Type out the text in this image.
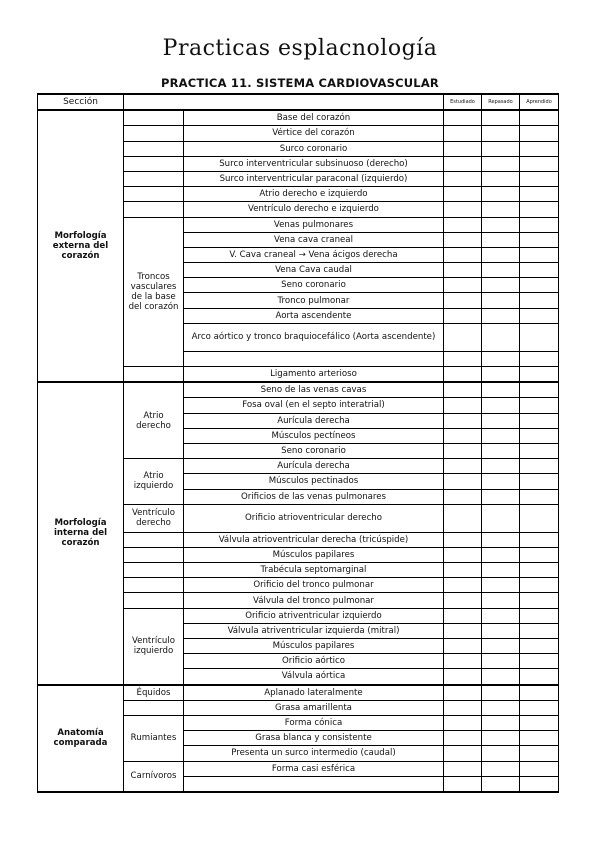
Practicas esplacnología
PRACTICA 11. SISTEMA CARDIOVASCULAR
Sección			Estudiado	Repasado	Aprendido
Morfología externa del corazón		Base del corazón			
		Vértice del corazón			
		Surco coronario			
		Surco interventricular subsinuoso (derecho)			
		Surco interventricular paraconal (izquierdo)			
		Atrio derecho e izquierdo			
		Ventrículo derecho e izquierdo			
	Troncos vasculares de la base del corazón	Venas pulmonares			
		Vena cava craneal			
		V. Cava craneal → Vena ácigos derecha			
		Vena Cava caudal			
		Seno coronario			
		Tronco pulmonar			
		Aorta ascendente			
		Arco aórtico y tronco braquiocefálico (Aorta ascendente)			

		Ligamento arterioso			
Morfología interna del corazón	Atrio derecho	Seno de las venas cavas			
		Fosa oval (en el septo interatrial)			
		Aurícula derecha			
		Músculos pectíneos			
		Seno coronario			
	Atrio izquierdo	Aurícula derecha			
		Músculos pectinados			
		Orificios de las venas pulmonares			
	Ventrículo derecho	Orificio atrioventricular derecho			
		Válvula atrioventricular derecha (tricúspide)			
		Músculos papilares			
		Trabécula septomarginal			
		Orificio del tronco pulmonar			
		Válvula del tronco pulmonar			
	Ventrículo izquierdo	Orificio atriventricular izquierdo			
		Válvula atriventricular izquierda (mitral)			
		Músculos papilares			
		Orificio aórtico			
		Válvula aórtica			
Anatomía comparada	Équidos	Aplanado lateralmente			
		Grasa amarillenta			
	Rumiantes	Forma cónica			
		Grasa blanca y consistente			
		Presenta un surco intermedio (caudal)			
	Carnívoros	Forma casi esférica			
